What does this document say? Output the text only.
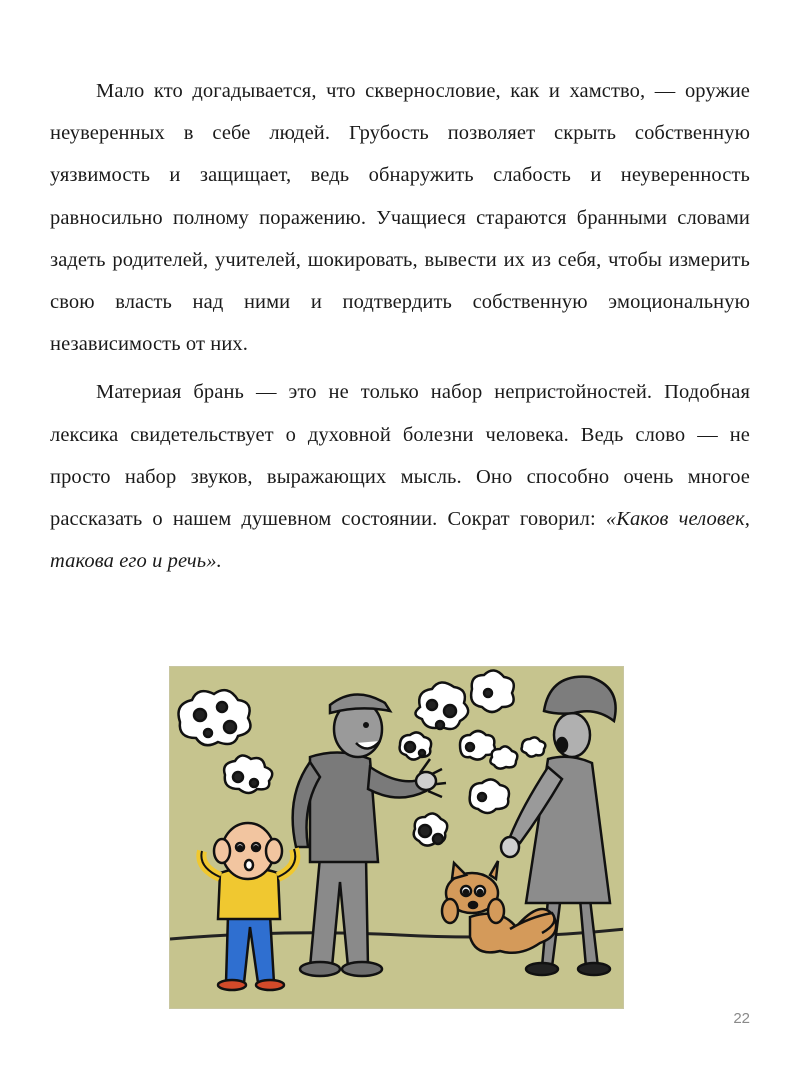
Мало кто догадывается, что сквернословие, как и хамство, — оружие неуверенных в себе людей. Грубость позволяет скрыть собственную уязвимость и защищает, ведь обнаружить слабость и неуверенность равносильно полному поражению. Учащиеся стараются бранными словами задеть родителей, учителей, шокировать, вывести их из себя, чтобы измерить свою власть над ними и подтвердить собственную эмоциональную независимость от них.

Материая брань — это не только набор непристойностей. Подобная лексика свидетельствует о духовной болезни человека. Ведь слово — не просто набор звуков, выражающих мысль. Оно способно очень многое рассказать о нашем душевном состоянии. Сократ говорил: «Каков человек, такова его и речь».

22
